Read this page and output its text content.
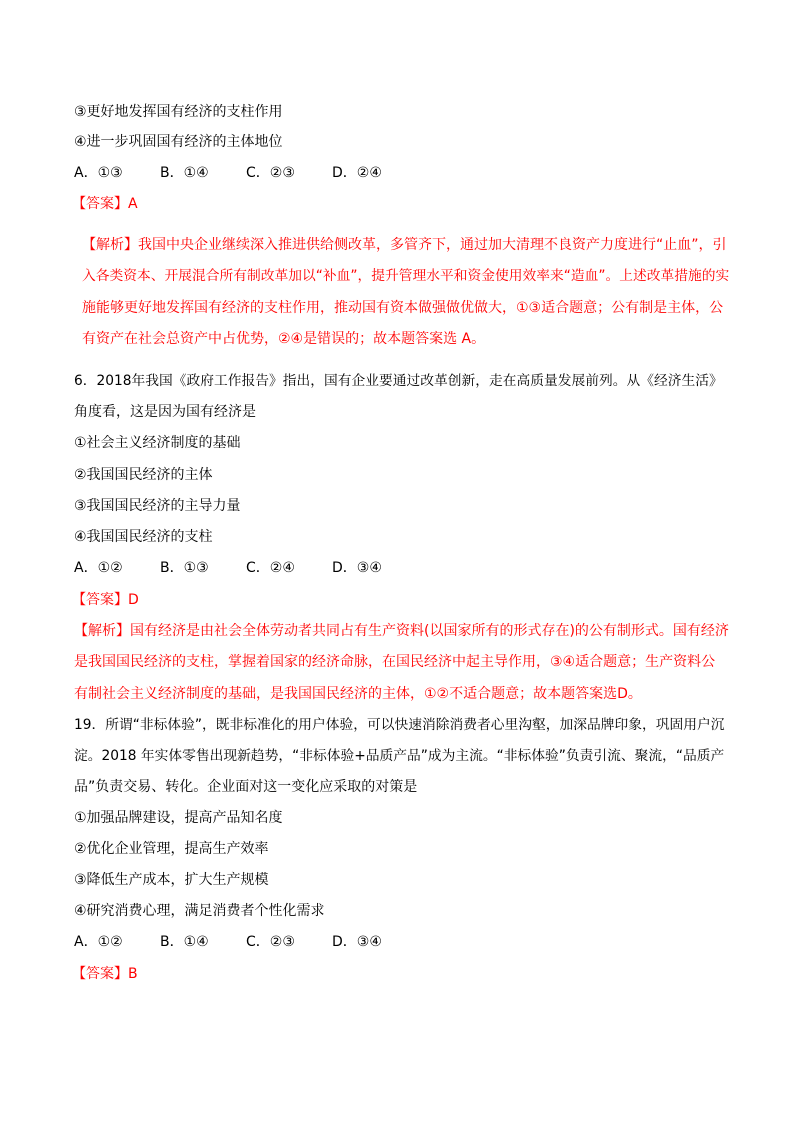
③更好地发挥国有经济的支柱作用
④进一步巩固国有经济的主体地位
A．①③	B．①④	C．②③	D．②④
【答案】A
【解析】我国中央企业继续深入推进供给侧改革，多管齐下，通过加大清理不良资产力度进行“止血”，引
入各类资本、开展混合所有制改革加以“补血”，提升管理水平和资金使用效率来“造血”。上述改革措施的实
施能够更好地发挥国有经济的支柱作用，推动国有资本做强做优做大，①③适合题意；公有制是主体，公
有资产在社会总资产中占优势，②④是错误的；故本题答案选 A。
6．2018年我国《政府工作报告》指出，国有企业要通过改革创新，走在高质量发展前列。从《经济生活》
角度看，这是因为国有经济是
①社会主义经济制度的基础
②我国国民经济的主体
③我国国民经济的主导力量
④我国国民经济的支柱
A．①②	B．①③	C．②④	D．③④
【答案】D
【解析】国有经济是由社会全体劳动者共同占有生产资料(以国家所有的形式存在)的公有制形式。国有经济
是我国国民经济的支柱，掌握着国家的经济命脉，在国民经济中起主导作用，③④适合题意；生产资料公
有制社会主义经济制度的基础，是我国国民经济的主体，①②不适合题意；故本题答案选D。
19．所谓“非标体验”，既非标准化的用户体验，可以快速消除消费者心里沟壑，加深品牌印象，巩固用户沉
淀。2018 年实体零售出现新趋势，“非标体验+品质产品”成为主流。“非标体验”负责引流、聚流，“品质产
品”负责交易、转化。企业面对这一变化应采取的对策是
①加强品牌建设，提高产品知名度
②优化企业管理，提高生产效率
③降低生产成本，扩大生产规模
④研究消费心理，满足消费者个性化需求
A．①②	B．①④	C．②③	D．③④
【答案】B
